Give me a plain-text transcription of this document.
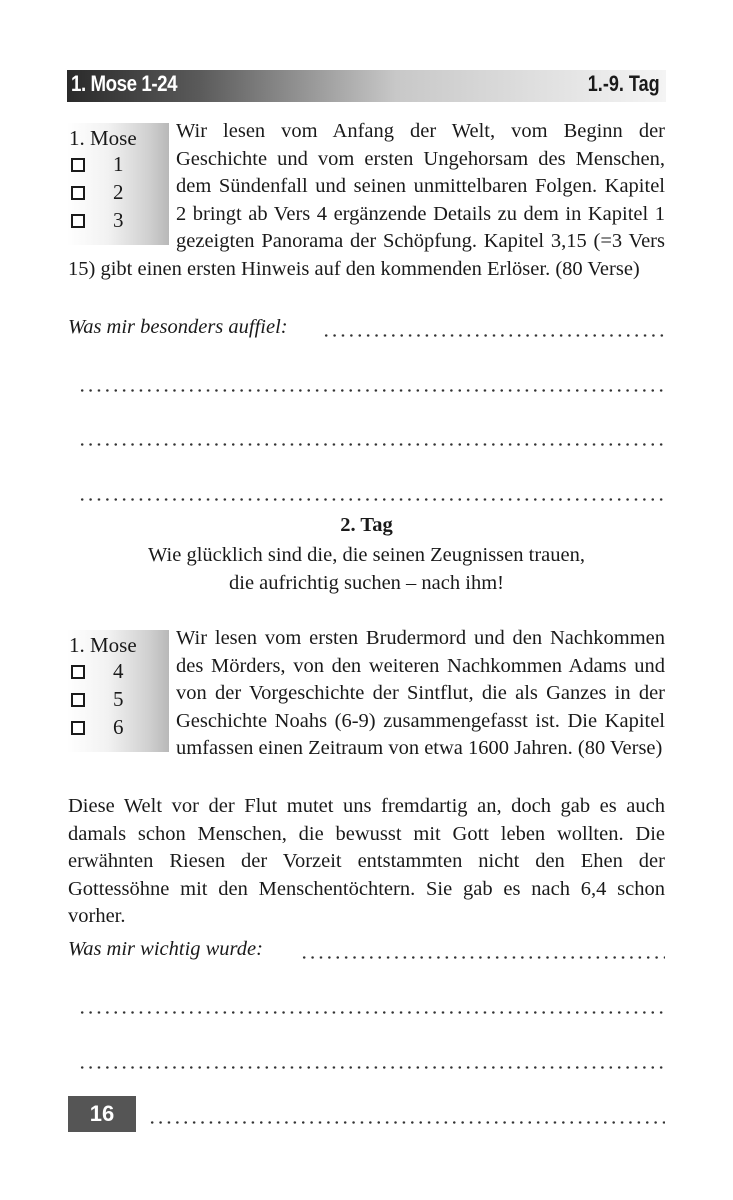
1. Mose 1-24	1.-9. Tag
1. Mose
1
2
3
Wir lesen vom Anfang der Welt, vom Beginn der Geschichte und vom ersten Ungehorsam des Menschen, dem Sündenfall und seinen unmittelbaren Folgen. Kapitel 2 bringt ab Vers 4 ergänzende Details zu dem in Kapitel 1 gezeigten Panorama der Schöpfung. Kapitel 3,15 (=3 Vers 15) gibt einen ersten Hinweis auf den kommenden Erlöser. (80 Verse)
Was mir besonders auffiel:
2. Tag
Wie glücklich sind die, die seinen Zeugnissen trauen,
die aufrichtig suchen – nach ihm!
1. Mose
4
5
6
Wir lesen vom ersten Brudermord und den Nachkommen des Mörders, von den weiteren Nachkommen Adams und von der Vorgeschichte der Sintflut, die als Ganzes in der Geschichte Noahs (6-9) zusammengefasst ist. Die Kapitel umfassen einen Zeitraum von etwa 1600 Jahren. (80 Verse)
Diese Welt vor der Flut mutet uns fremdartig an, doch gab es auch damals schon Menschen, die bewusst mit Gott leben wollten. Die erwähnten Riesen der Vorzeit entstammten nicht den Ehen der Gottessöhne mit den Menschentöchtern. Sie gab es nach 6,4 schon vorher.
Was mir wichtig wurde:
16
